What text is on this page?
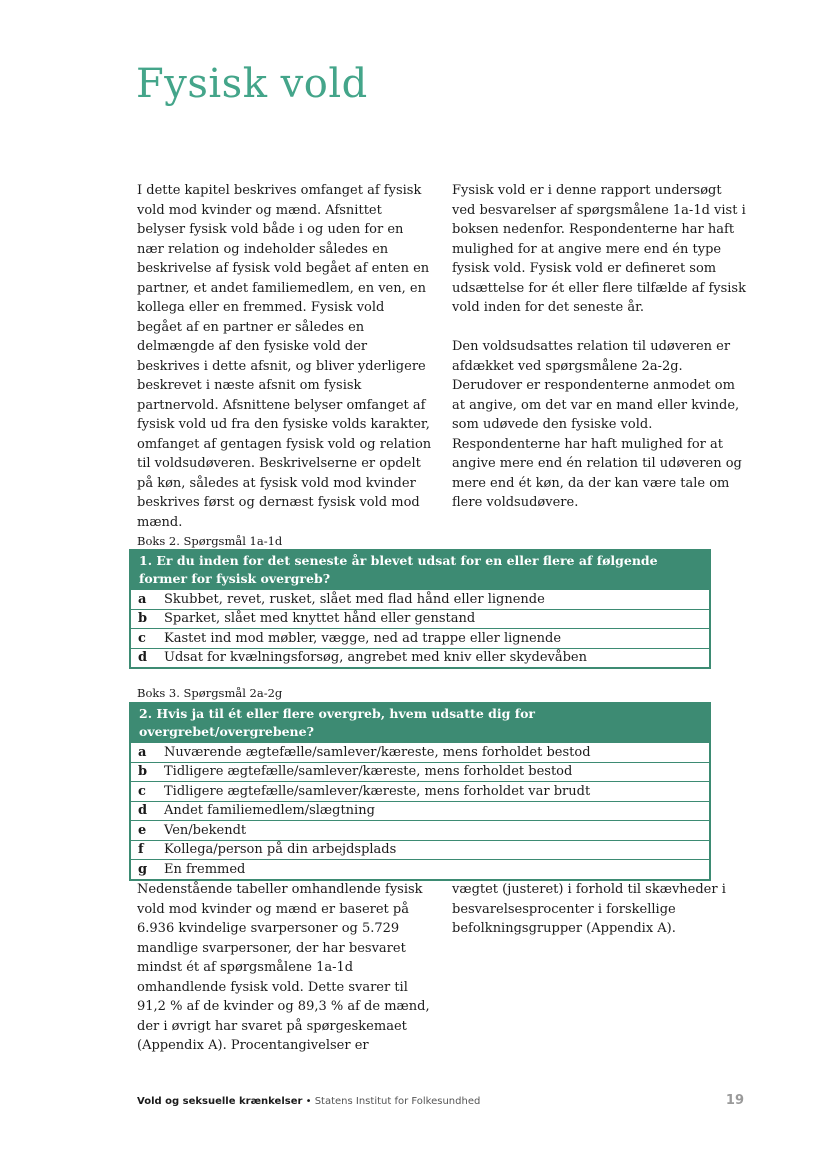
Fysisk vold

I dette kapitel beskrives omfanget af fysisk vold mod kvinder og mænd. Afsnittet belyser fysisk vold både i og uden for en nær relation og indeholder således en beskrivelse af fysisk vold begået af enten en partner, et andet familiemedlem, en ven, en kollega eller en fremmed. Fysisk vold begået af en partner er således en delmængde af den fysiske vold der beskrives i dette afsnit, og bliver yderligere beskrevet i næste afsnit om fysisk partnervold. Afsnittene belyser omfanget af fysisk vold ud fra den fysiske volds karakter, omfanget af gentagen fysisk vold og relation til voldsudøveren. Beskrivelserne er opdelt på køn, således at fysisk vold mod kvinder beskrives først og dernæst fysisk vold mod mænd.

Fysisk vold er i denne rapport undersøgt ved besvarelser af spørgsmålene 1a-1d vist i boksen nedenfor. Respondenterne har haft mulighed for at angive mere end én type fysisk vold. Fysisk vold er defineret som udsættelse for ét eller flere tilfælde af fysisk vold inden for det seneste år.

Den voldsudsattes relation til udøveren er afdækket ved spørgsmålene 2a-2g. Derudover er respondenterne anmodet om at angive, om det var en mand eller kvinde, som udøvede den fysiske vold. Respondenterne har haft mulighed for at angive mere end én relation til udøveren og mere end ét køn, da der kan være tale om flere voldsudøvere.

Boks 2. Spørgsmål 1a-1d
1. Er du inden for det seneste år blevet udsat for en eller flere af følgende former for fysisk overgreb?
a	Skubbet, revet, rusket, slået med flad hånd eller lignende
b	Sparket, slået med knyttet hånd eller genstand
c	Kastet ind mod møbler, vægge, ned ad trappe eller lignende
d	Udsat for kvælningsforsøg, angrebet med kniv eller skydevåben
Boks 3. Spørgsmål 2a-2g
2. Hvis ja til ét eller flere overgreb, hvem udsatte dig for overgrebet/overgrebene?
a	Nuværende ægtefælle/samlever/kæreste, mens forholdet bestod
b	Tidligere ægtefælle/samlever/kæreste, mens forholdet bestod
c	Tidligere ægtefælle/samlever/kæreste, mens forholdet var brudt
d	Andet familiemedlem/slægtning
e	Ven/bekendt
f	Kollega/person på din arbejdsplads
g	En fremmed

Nedenstående tabeller omhandlende fysisk vold mod kvinder og mænd er baseret på 6.936 kvindelige svarpersoner og 5.729 mandlige svarpersoner, der har besvaret mindst ét af spørgsmålene 1a-1d omhandlende fysisk vold. Dette svarer til 91,2 % af de kvinder og 89,3 % af de mænd, der i øvrigt har svaret på spørgeskemaet (Appendix A). Procentangivelser er

vægtet (justeret) i forhold til skævheder i besvarelsesprocenter i forskellige befolkningsgrupper (Appendix A).

Vold og seksuelle krænkelser • Statens Institut for Folkesundhed	19
